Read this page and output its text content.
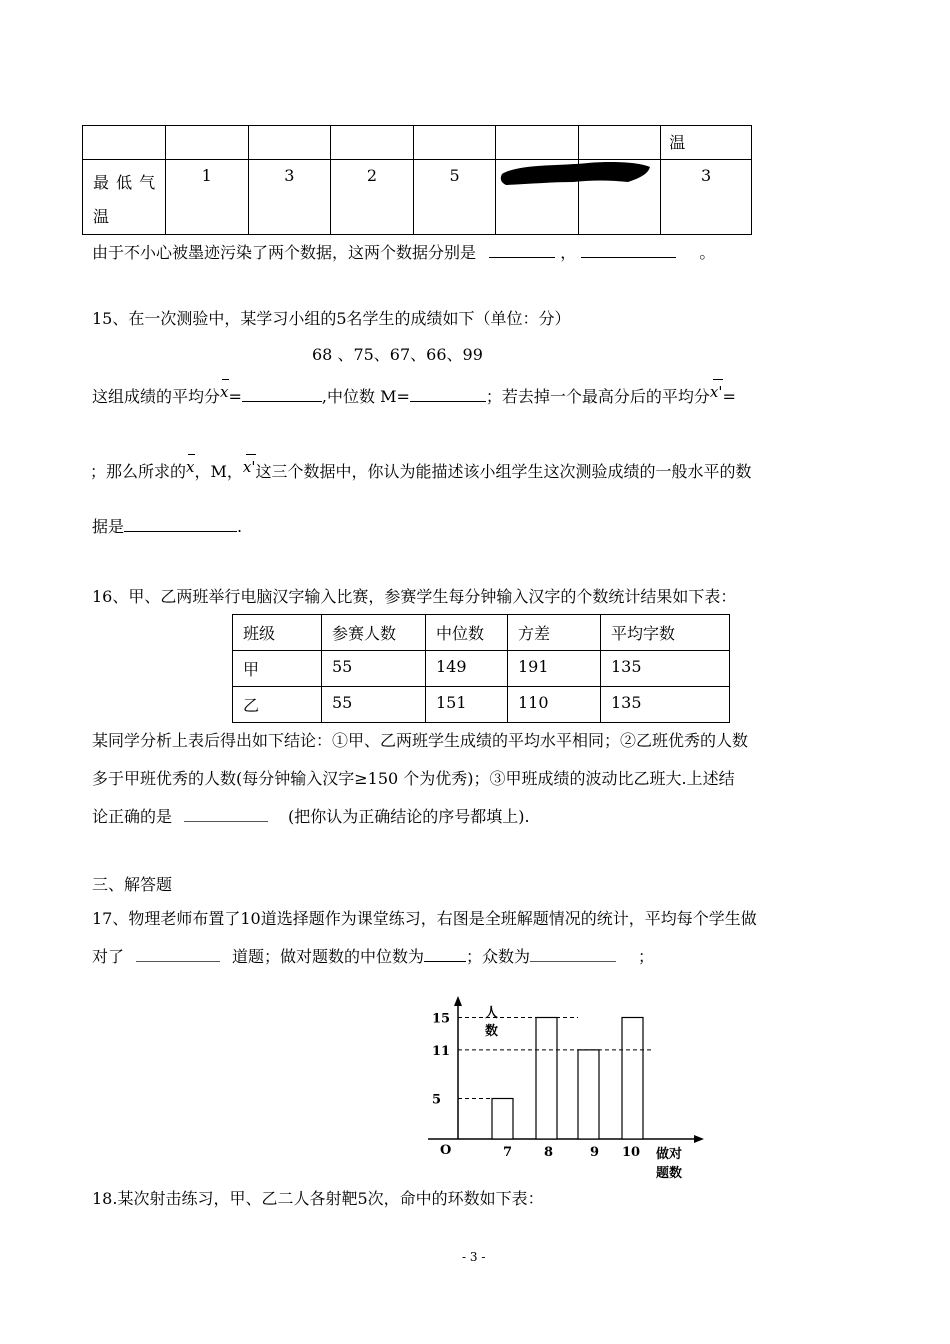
							温
最 低 气
温	1	3	2	5			3
由于不小心被墨迹污染了两个数据，这两个数据分别是	，	。
15、在一次测验中，某学习小组的5名学生的成绩如下（单位：分）
68 、75、67、66、99
这组成绩的平均分
x=	,中位数 M=	；若去掉一个最高分后的平均分
x'=
；那么所求的
x，M，
x'这三个数据中，你认为能描述该小组学生这次测验成绩的一般水平的数
据是	.
16、甲、乙两班举行电脑汉字输入比赛，参赛学生每分钟输入汉字的个数统计结果如下表：
班级	参赛人数	中位数	方差	平均字数
甲	55	149	191	135
乙	55	151	110	135
某同学分析上表后得出如下结论：①甲、乙两班学生成绩的平均水平相同；②乙班优秀的人数
多于甲班优秀的人数(每分钟输入汉字≥150 个为优秀)；③甲班成绩的波动比乙班大.上述结
论正确的是	(把你认为正确结论的序号都填上).
三、解答题
17、物理老师布置了10道选择题作为课堂练习，右图是全班解题情况的统计，平均每个学生做
对了	道题；做对题数的中位数为	；众数为	；
O	7 8	9 10
5
11
15	人
数
做对
题数
18.某次射击练习，甲、乙二人各射靶5次，命中的环数如下表：
- 3 -
